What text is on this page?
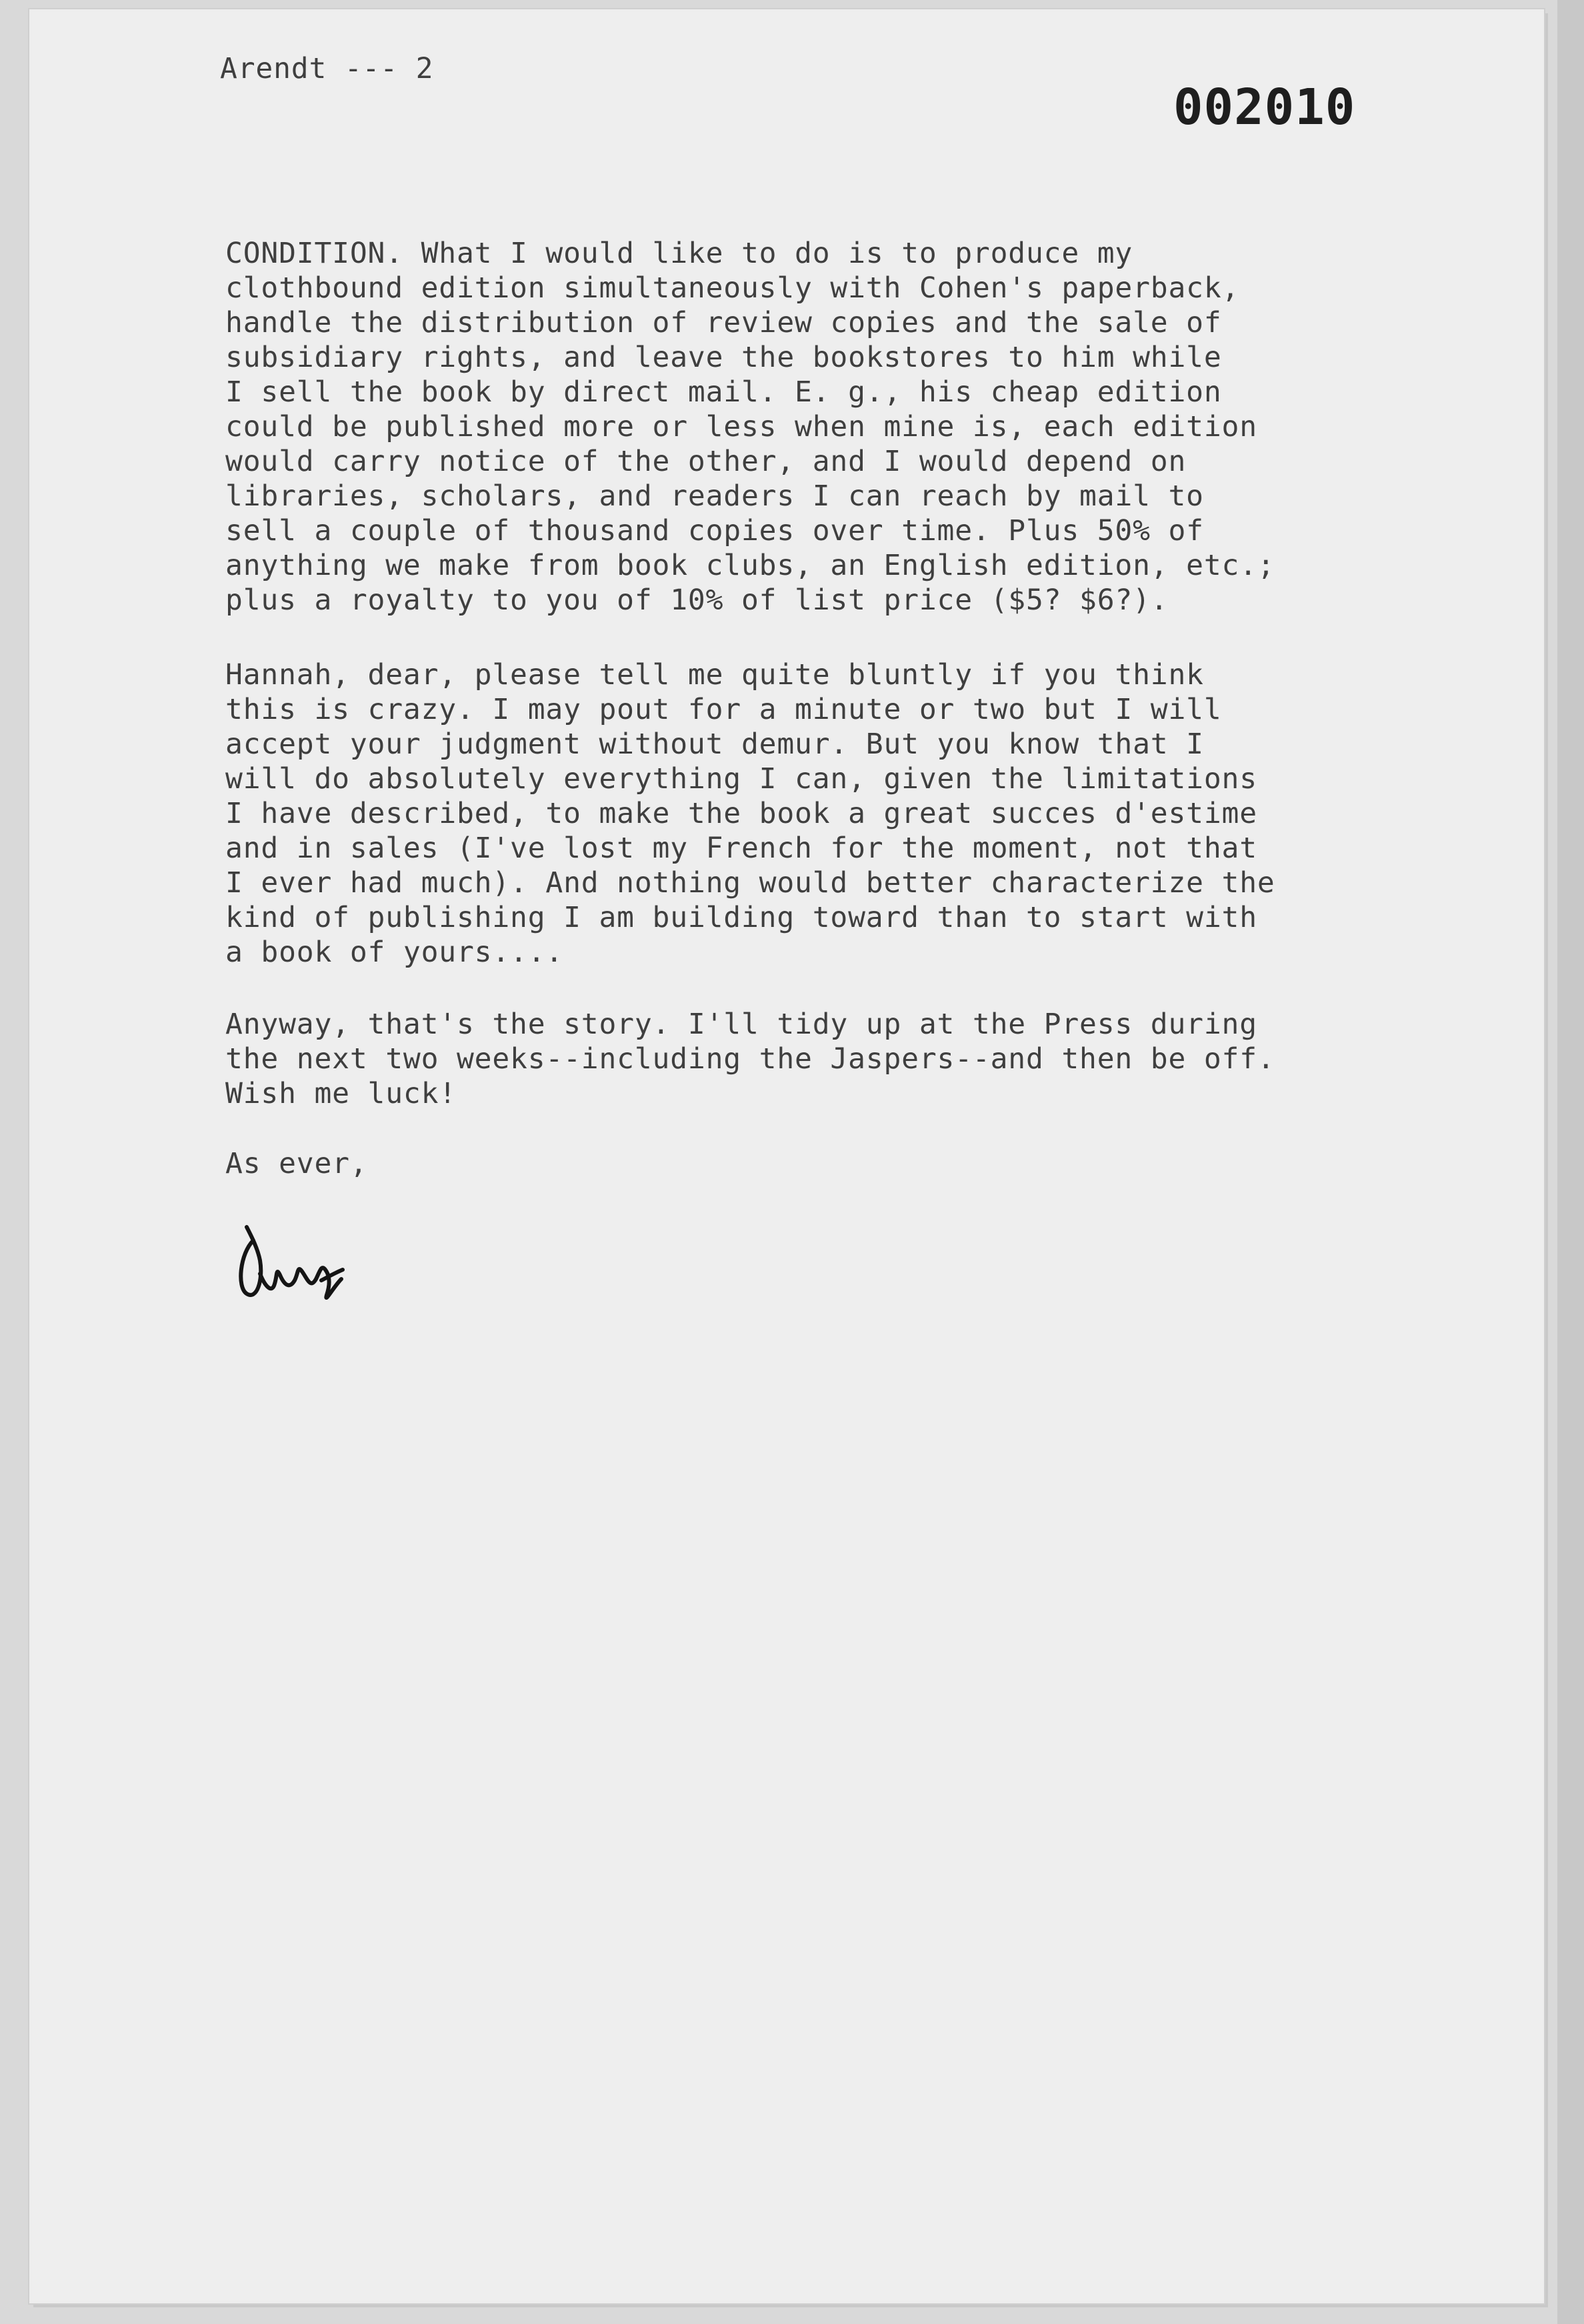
Arendt --- 2

002010
CONDITION. What I would like to do is to produce my
clothbound edition simultaneously with Cohen's paperback,
handle the distribution of review copies and the sale of
subsidiary rights, and leave the bookstores to him while
I sell the book by direct mail. E. g., his cheap edition
could be published more or less when mine is, each edition
would carry notice of the other, and I would depend on
libraries, scholars, and readers I can reach by mail to
sell a couple of thousand copies over time. Plus 50% of
anything we make from book clubs, an English edition, etc.;
plus a royalty to you of 10% of list price ($5? $6?).
Hannah, dear, please tell me quite bluntly if you think
this is crazy. I may pout for a minute or two but I will
accept your judgment without demur. But you know that I
will do absolutely everything I can, given the limitations
I have described, to make the book a great succes d'estime
and in sales (I've lost my French for the moment, not that
I ever had much). And nothing would better characterize the
kind of publishing I am building toward than to start with
a book of yours....
Anyway, that's the story. I'll tidy up at the Press during
the next two weeks--including the Jaspers--and then be off.
Wish me luck!

As ever,
